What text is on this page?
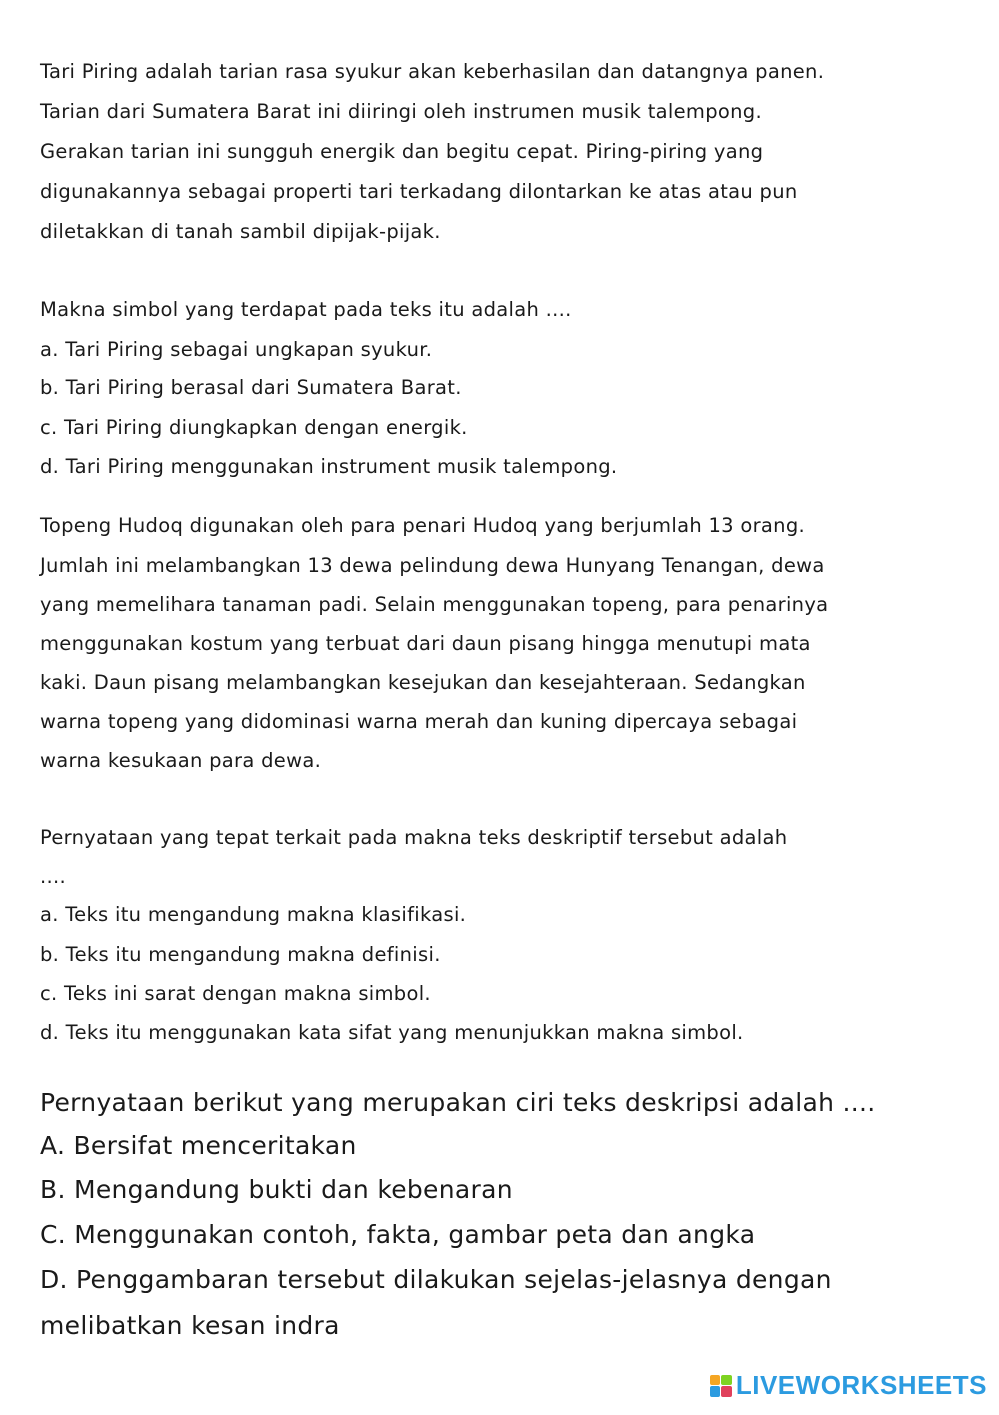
Tari Piring adalah tarian rasa syukur akan keberhasilan dan datangnya panen.
Tarian dari Sumatera Barat ini diiringi oleh instrumen musik talempong.
Gerakan tarian ini sungguh energik dan begitu cepat. Piring-piring yang
digunakannya sebagai properti tari terkadang dilontarkan ke atas atau pun
diletakkan di tanah sambil dipijak-pijak.
Makna simbol yang terdapat pada teks itu adalah ....
a. Tari Piring sebagai ungkapan syukur.
b. Tari Piring berasal dari Sumatera Barat.
c. Tari Piring diungkapkan dengan energik.
d. Tari Piring menggunakan instrument musik talempong.
Topeng Hudoq digunakan oleh para penari Hudoq yang berjumlah 13 orang.
Jumlah ini melambangkan 13 dewa pelindung dewa Hunyang Tenangan, dewa
yang memelihara tanaman padi. Selain menggunakan topeng, para penarinya
menggunakan kostum yang terbuat dari daun pisang hingga menutupi mata
kaki. Daun pisang melambangkan kesejukan dan kesejahteraan. Sedangkan
warna topeng yang didominasi warna merah dan kuning dipercaya sebagai
warna kesukaan para dewa.
Pernyataan yang tepat terkait pada makna teks deskriptif tersebut adalah
....
a. Teks itu mengandung makna klasifikasi.
b. Teks itu mengandung makna definisi.
c. Teks ini sarat dengan makna simbol.
d. Teks itu menggunakan kata sifat yang menunjukkan makna simbol.
Pernyataan berikut yang merupakan ciri teks deskripsi adalah ....
A. Bersifat menceritakan
B. Mengandung bukti dan kebenaran
C. Menggunakan contoh, fakta, gambar peta dan angka
D. Penggambaran tersebut dilakukan sejelas-jelasnya dengan
melibatkan kesan indra
LIVEWORKSHEETS
